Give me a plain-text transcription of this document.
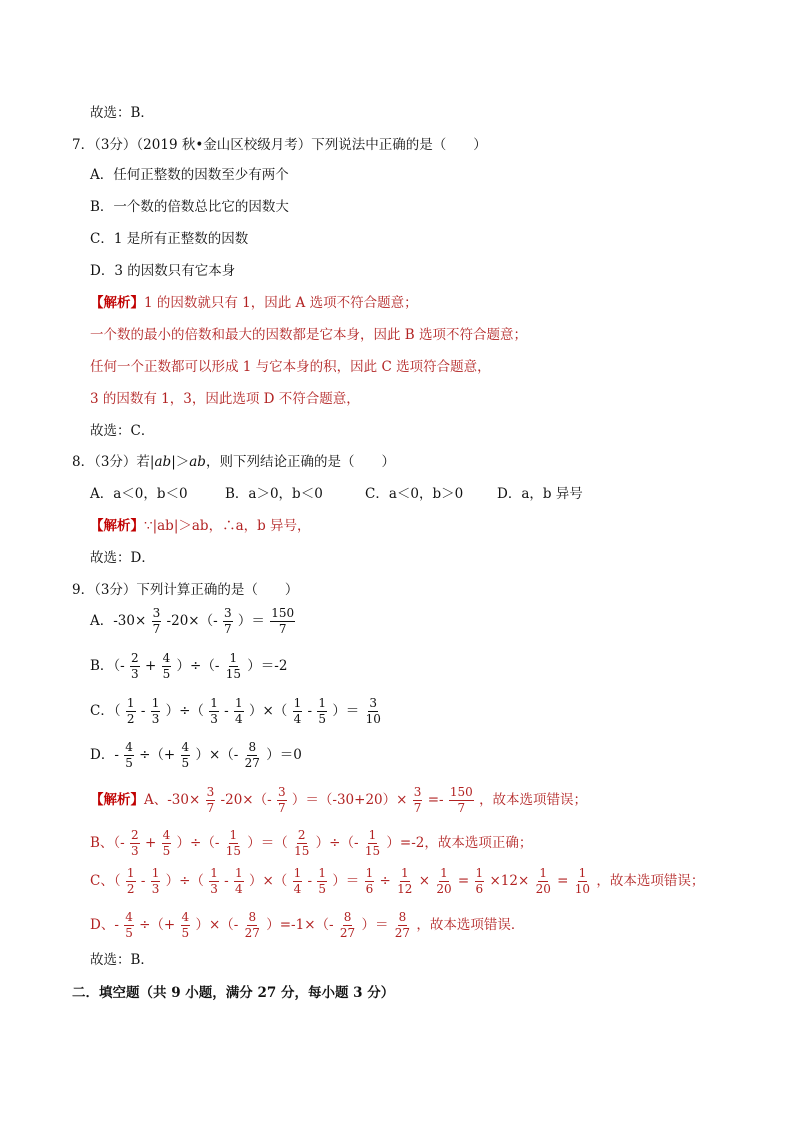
故选：B．
7．（3分）（2019 秋•金山区校级月考）下列说法中正确的是（　　）
A．任何正整数的因数至少有两个
B．一个数的倍数总比它的因数大
C．1 是所有正整数的因数
D．3 的因数只有它本身
【解析】1 的因数就只有 1，因此 A 选项不符合题意；
一个数的最小的倍数和最大的因数都是它本身，因此 B 选项不符合题意；
任何一个正数都可以形成 1 与它本身的积，因此 C 选项符合题意，
3 的因数有 1，3，因此选项 D 不符合题意，
故选：C．
8．（3分）若|ab|＞ab，则下列结论正确的是（　　）
A．a＜0，b＜0	B．a＞0，b＜0	C．a＜0，b＞0	D．a，b 异号
【解析】∵|ab|＞ab，∴a，b 异号，
故选：D．
9．（3分）下列计算正确的是（　　）
A．$-30\times \frac{3}{7} -20\times(- \frac{3}{7}$ ）＝ $\frac{150}{7}$
B．（- $\frac{2}{3} + \frac{4}{5}$ ）÷（- $\frac{1}{15} )=-2$
C．（ $\frac{1}{2} - \frac{1}{3}$ ）÷（ $\frac{1}{3} - \frac{1}{4}$ ）×（ $\frac{1}{4} - \frac{1}{5}$ ）＝ $\frac{3}{10}$
D．- $\frac{4}{5}$ ÷（+ $\frac{4}{5}$ ）×（- $\frac{8}{27} )=0$
【解析】A、$-30\times \frac{3}{7} -20\times(- \frac{3}{7} )=(-30+20)\times \frac{3}{7} =- \frac{150}{7}$ ，故本选项错误；
B、（- $\frac{2}{3} + \frac{4}{5}$ ）÷（- $\frac{1}{15}$ ）＝（ $\frac{2}{15}$ ）÷（- $\frac{1}{15} )=-2$，故本选项正确；
C、（ $\frac{1}{2} - \frac{1}{3}$ ）÷（ $\frac{1}{3} - \frac{1}{4}$ ）×（ $\frac{1}{4} - \frac{1}{5}$ ）＝ $\frac{1}{6} \div \frac{1}{12} \times \frac{1}{20} = \frac{1}{6} \times 12\times \frac{1}{20} = \frac{1}{10}$ ，故本选项错误；
D、- $\frac{4}{5}$ ÷（+ $\frac{4}{5}$ ）×（- $\frac{8}{27} )=-1\times(- \frac{8}{27}$ ）＝ $\frac{8}{27}$ ，故本选项错误．
故选：B．
二．填空题（共 9 小题，满分 27 分，每小题 3 分）
